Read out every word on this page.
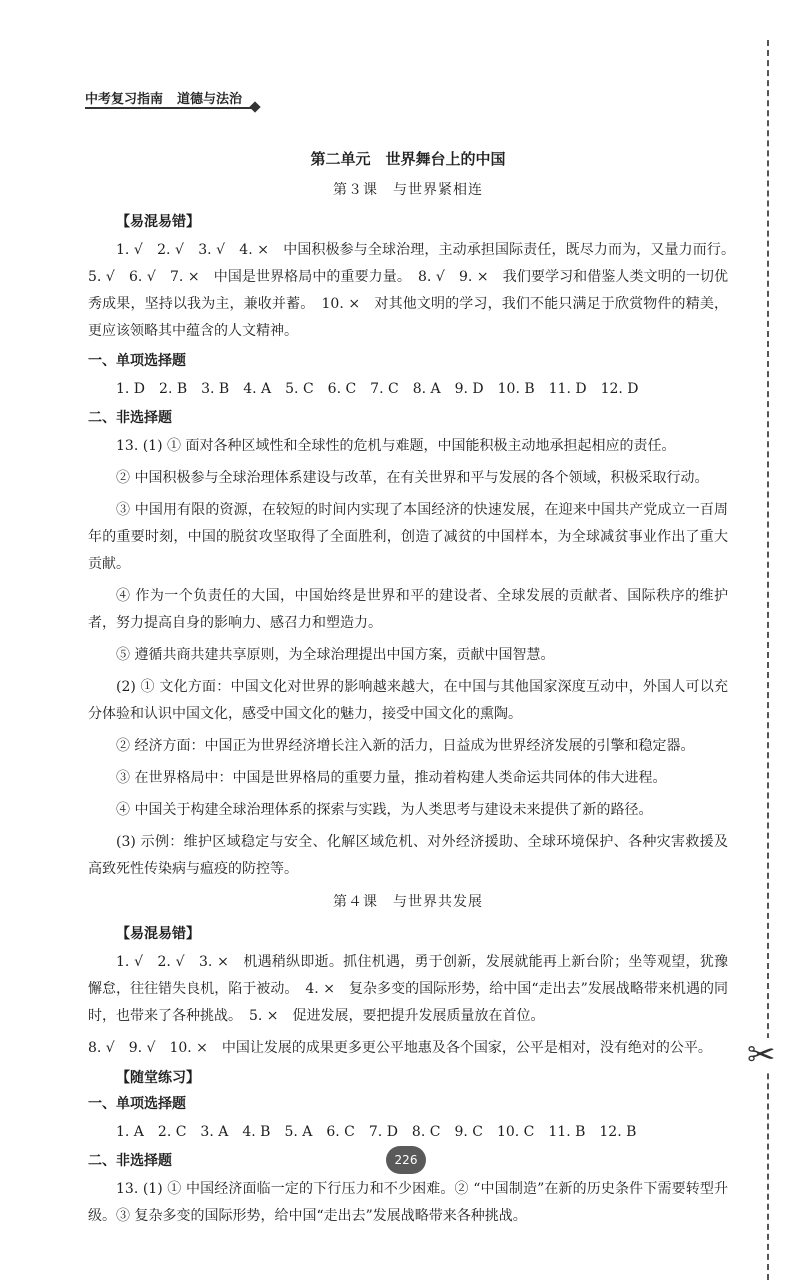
中考复习指南 道德与法治
✂
第二单元　世界舞台上的中国
第３课　与世界紧相连
【易混易错】

1. √　2. √　3. √　4. ×　中国积极参与全球治理，主动承担国际责任，既尽力而为，又量力而行。　5. √　6. √　7. ×　中国是世界格局中的重要力量。　8. √　9. ×　我们要学习和借鉴人类文明的一切优秀成果，坚持以我为主，兼收并蓄。　10. ×　对其他文明的学习，我们不能只满足于欣赏物件的精美，更应该领略其中蕴含的人文精神。

一、单项选择题

1. D　2. B　3. B　4. A　5. C　6. C　7. C　8. A　9. D　10. B　11. D　12. D

二、非选择题

13. (1) ① 面对各种区域性和全球性的危机与难题，中国能积极主动地承担起相应的责任。

② 中国积极参与全球治理体系建设与改革，在有关世界和平与发展的各个领域，积极采取行动。

③ 中国用有限的资源，在较短的时间内实现了本国经济的快速发展，在迎来中国共产党成立一百周年的重要时刻，中国的脱贫攻坚取得了全面胜利，创造了减贫的中国样本，为全球减贫事业作出了重大贡献。

④ 作为一个负责任的大国，中国始终是世界和平的建设者、全球发展的贡献者、国际秩序的维护者，努力提高自身的影响力、感召力和塑造力。

⑤ 遵循共商共建共享原则，为全球治理提出中国方案，贡献中国智慧。

(2) ① 文化方面：中国文化对世界的影响越来越大，在中国与其他国家深度互动中，外国人可以充分体验和认识中国文化，感受中国文化的魅力，接受中国文化的熏陶。

② 经济方面：中国正为世界经济增长注入新的活力，日益成为世界经济发展的引擎和稳定器。

③ 在世界格局中：中国是世界格局的重要力量，推动着构建人类命运共同体的伟大进程。

④ 中国关于构建全球治理体系的探索与实践，为人类思考与建设未来提供了新的路径。

(3) 示例：维护区域稳定与安全、化解区域危机、对外经济援助、全球环境保护、各种灾害救援及高致死性传染病与瘟疫的防控等。

第４课　与世界共发展
【易混易错】

1. √　2. √　3. ×　机遇稍纵即逝。抓住机遇，勇于创新，发展就能再上新台阶；坐等观望，犹豫懈怠，往往错失良机，陷于被动。　4. ×　复杂多变的国际形势，给中国“走出去”发展战略带来机遇的同时，也带来了各种挑战。　5. ×　促进发展，要把提升发展质量放在首位。

8. √　9. √　10. ×　中国让发展的成果更多更公平地惠及各个国家，公平是相对，没有绝对的公平。

【随堂练习】
一、单项选择题

1. A　2. C　3. A　4. B　5. A　6. C　7. D　8. C　9. C　10. C　11. B　12. B

二、非选择题

13. (1) ① 中国经济面临一定的下行压力和不少困难。② “中国制造”在新的历史条件下需要转型升级。③ 复杂多变的国际形势，给中国“走出去”发展战略带来各种挑战。

226
